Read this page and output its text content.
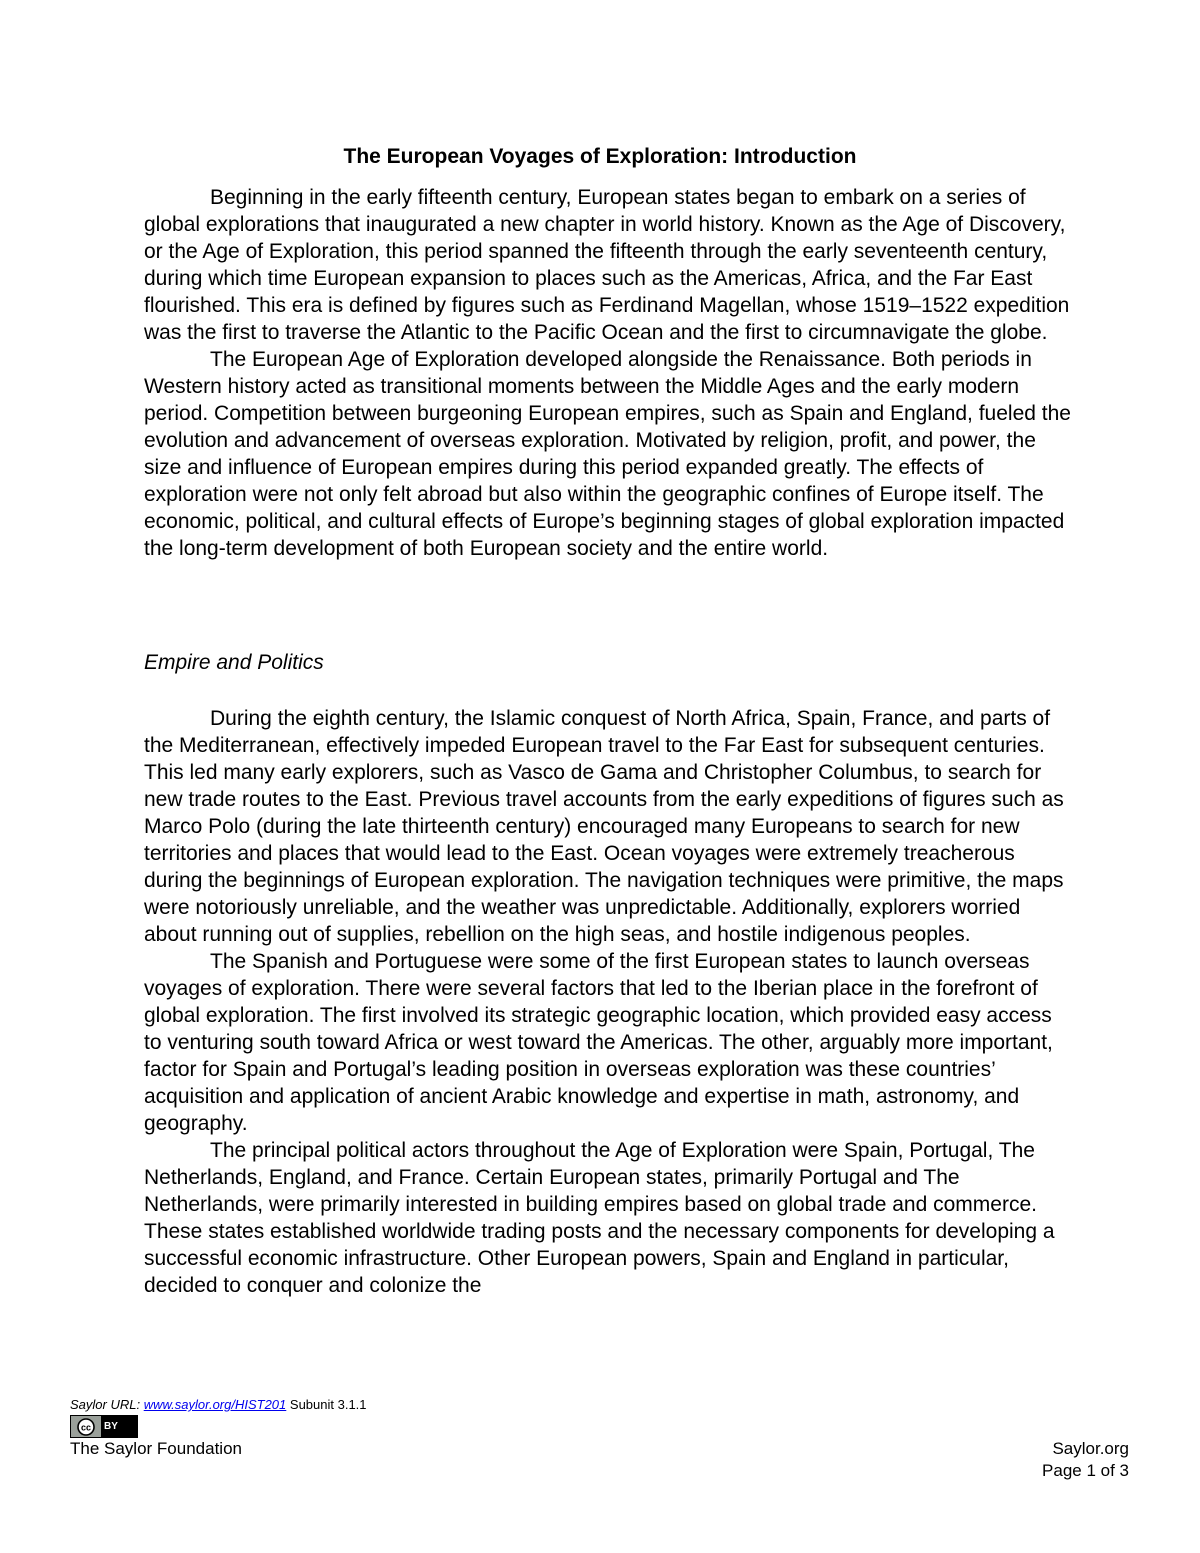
The European Voyages of Exploration: Introduction

Beginning in the early fifteenth century, European states began to embark on a series of global explorations that inaugurated a new chapter in world history. Known as the Age of Discovery, or the Age of Exploration, this period spanned the fifteenth through the early seventeenth century, during which time European expansion to places such as the Americas, Africa, and the Far East flourished. This era is defined by figures such as Ferdinand Magellan, whose 1519–1522 expedition was the first to traverse the Atlantic to the Pacific Ocean and the first to circumnavigate the globe.

The European Age of Exploration developed alongside the Renaissance. Both periods in Western history acted as transitional moments between the Middle Ages and the early modern period. Competition between burgeoning European empires, such as Spain and England, fueled the evolution and advancement of overseas exploration. Motivated by religion, profit, and power, the size and influence of European empires during this period expanded greatly. The effects of exploration were not only felt abroad but also within the geographic confines of Europe itself. The economic, political, and cultural effects of Europe’s beginning stages of global exploration impacted the long-term development of both European society and the entire world.

Empire and Politics

During the eighth century, the Islamic conquest of North Africa, Spain, France, and parts of the Mediterranean, effectively impeded European travel to the Far East for subsequent centuries. This led many early explorers, such as Vasco de Gama and Christopher Columbus, to search for new trade routes to the East. Previous travel accounts from the early expeditions of figures such as Marco Polo (during the late thirteenth century) encouraged many Europeans to search for new territories and places that would lead to the East. Ocean voyages were extremely treacherous during the beginnings of European exploration. The navigation techniques were primitive, the maps were notoriously unreliable, and the weather was unpredictable. Additionally, explorers worried about running out of supplies, rebellion on the high seas, and hostile indigenous peoples.

The Spanish and Portuguese were some of the first European states to launch overseas voyages of exploration. There were several factors that led to the Iberian place in the forefront of global exploration. The first involved its strategic geographic location, which provided easy access to venturing south toward Africa or west toward the Americas. The other, arguably more important, factor for Spain and Portugal’s leading position in overseas exploration was these countries’ acquisition and application of ancient Arabic knowledge and expertise in math, astronomy, and geography.

The principal political actors throughout the Age of Exploration were Spain, Portugal, The Netherlands, England, and France. Certain European states, primarily Portugal and The Netherlands, were primarily interested in building empires based on global trade and commerce. These states established worldwide trading posts and the necessary components for developing a successful economic infrastructure. Other European powers, Spain and England in particular, decided to conquer and colonize the

Saylor URL: www.saylor.org/HIST201 Subunit 3.1.1
cc	BY
The Saylor Foundation	Saylor.org
Page 1 of 3
